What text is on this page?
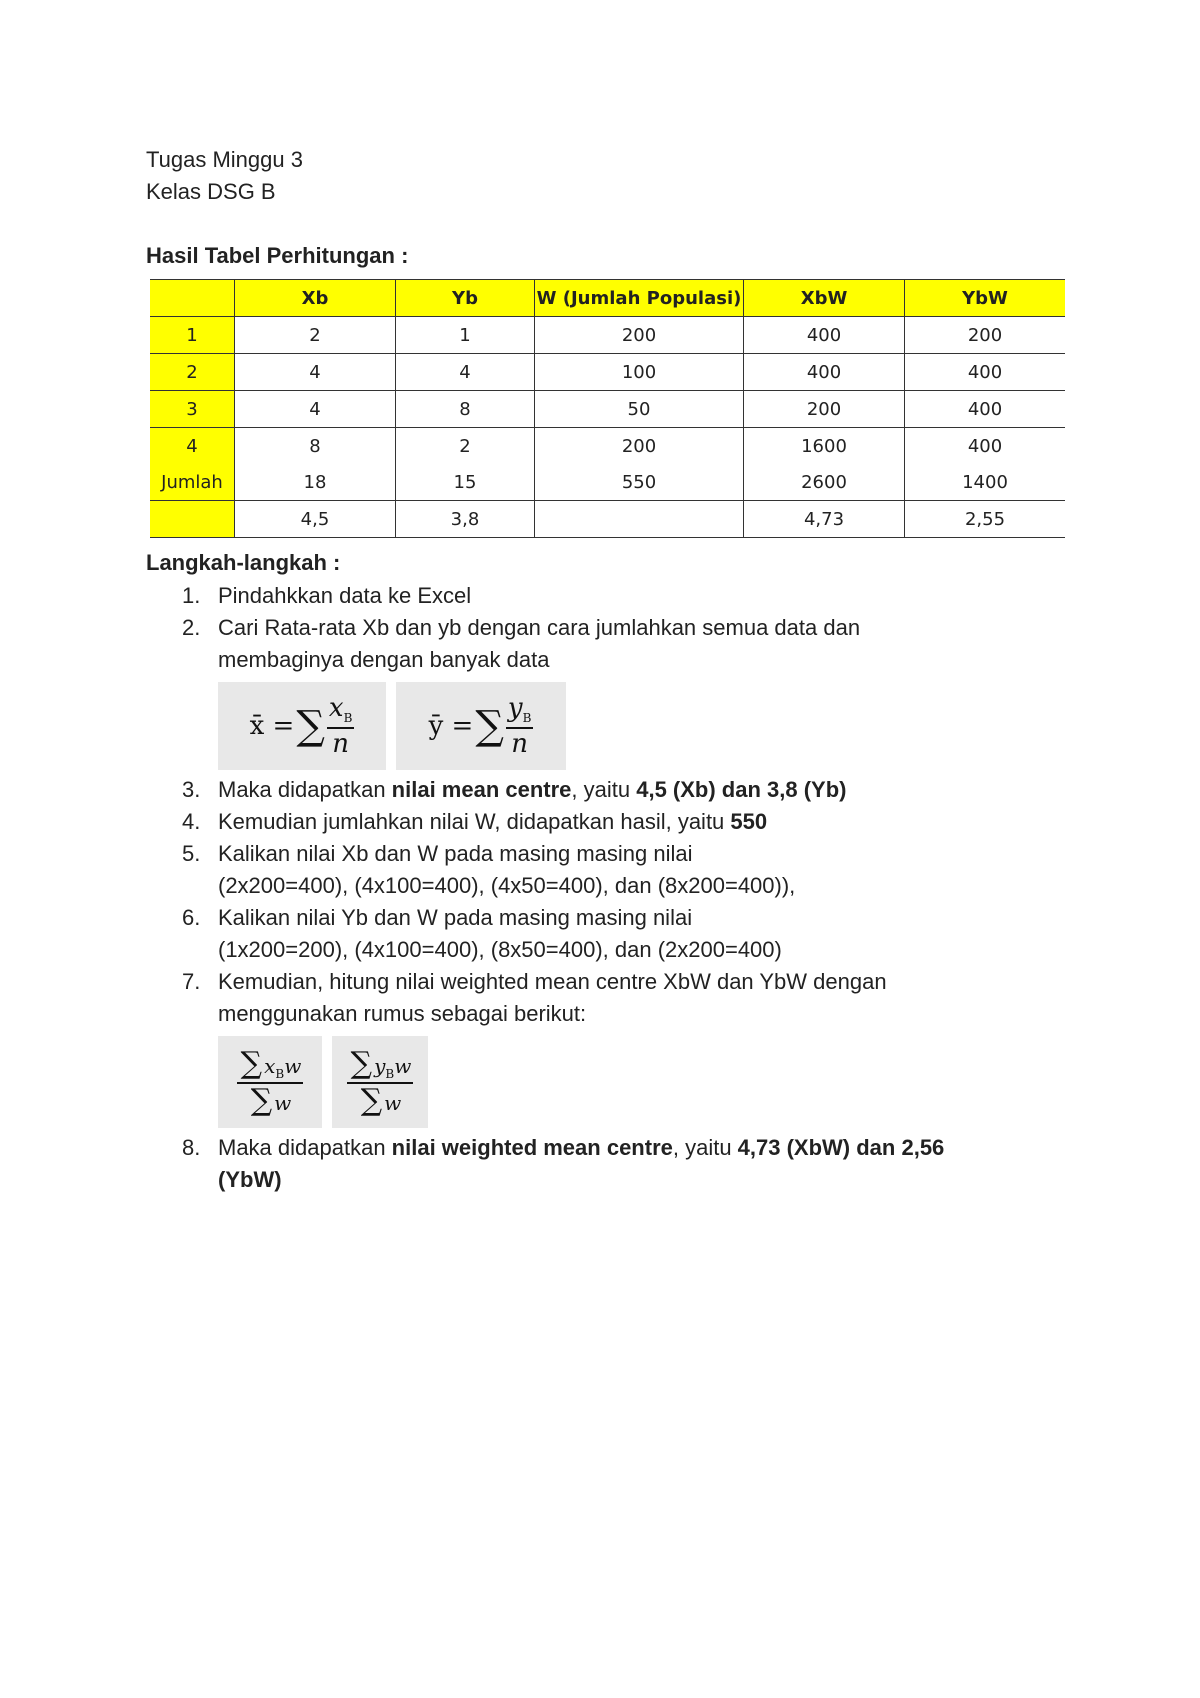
Tugas Minggu 3
Kelas DSG B
Hasil Tabel Perhitungan :
	Xb	Yb	W (Jumlah Populasi)	XbW	YbW
1	2	1	200	400	200
2	4	4	100	400	400
3	4	8	50	200	400
4	8	2	200	1600	400
Jumlah	18	15	550	2600	1400
	4,5	3,8		4,73	2,55
Langkah-langkah :
1. Pindahkkan data ke Excel
2. Cari Rata-rata Xb dan yb dengan cara jumlahkan semua data dan
membaginya dengan banyak data
x̄ = ∑ $\frac{x_B}{n}$	ȳ = ∑ $\frac{y_B}{n}$
3. Maka didapatkan nilai mean centre, yaitu 4,5 (Xb) dan 3,8 (Yb)
4. Kemudian jumlahkan nilai W, didapatkan hasil, yaitu 550
5. Kalikan nilai Xb dan W pada masing masing nilai
(2x200=400), (4x100=400), (4x50=400), dan (8x200=400)),
6. Kalikan nilai Yb dan W pada masing masing nilai
(1x200=200), (4x100=400), (8x50=400), dan (2x200=400)
7. Kemudian, hitung nilai weighted mean centre XbW dan YbW dengan
menggunakan rumus sebagai berikut:
$\frac{\sum x_Bw}{\sum w} \frac{\sum y_Bw}{\sum w}$
8. Maka didapatkan nilai weighted mean centre, yaitu 4,73 (XbW) dan 2,56
(YbW)
